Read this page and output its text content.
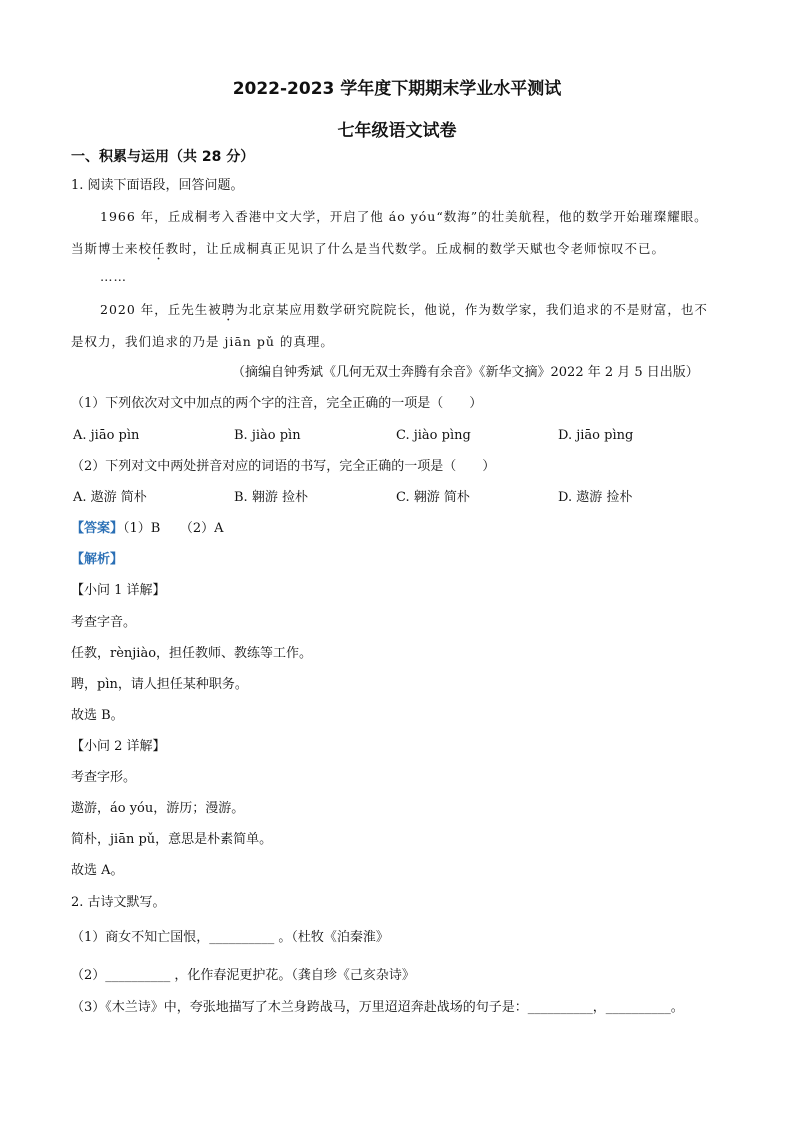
2022-2023 学年度下期期末学业水平测试
七年级语文试卷
一、积累与运用（共 28 分）
1. 阅读下面语段，回答问题。
1966 年，丘成桐考入香港中文大学，开启了他 áo yóu“数海”的壮美航程，他的数学开始璀璨耀眼。
当斯博士来校任教时，让丘成桐真正见识了什么是当代数学。丘成桐的数学天赋也令老师惊叹不已。
……
2020 年，丘先生被聘为北京某应用数学研究院院长，他说，作为数学家，我们追求的不是财富，也不
是权力，我们追求的乃是 jiān pǔ 的真理。
（摘编自钟秀斌《几何无双士奔腾有余音》《新华文摘》2022 年 2 月 5 日出版）
（1）下列依次对文中加点的两个字的注音，完全正确的一项是（　　）
A. jiāo pìn	B. jiào pìn	C. jiào pìng	D. jiāo pìng
（2）下列对文中两处拼音对应的词语的书写，完全正确的一项是（　　）
A. 遨游 简朴	B. 翱游 捡朴	C. 翱游 简朴	D. 遨游 捡朴
【答案】（1）B　　（2）A
【解析】
【小问 1 详解】
考查字音。
任教，rènjiào，担任教师、教练等工作。
聘，pìn，请人担任某种职务。
故选 B。
【小问 2 详解】
考查字形。
遨游，áo yóu，游历；漫游。
简朴，jiān pǔ，意思是朴素简单。
故选 A。
2. 古诗文默写。
（1）商女不知亡国恨，__________ 。（杜牧《泊秦淮》
（2）__________ ，化作春泥更护花。（龚自珍《己亥杂诗》
（3）《木兰诗》中，夸张地描写了木兰身跨战马，万里迢迢奔赴战场的句子是：__________，__________。
